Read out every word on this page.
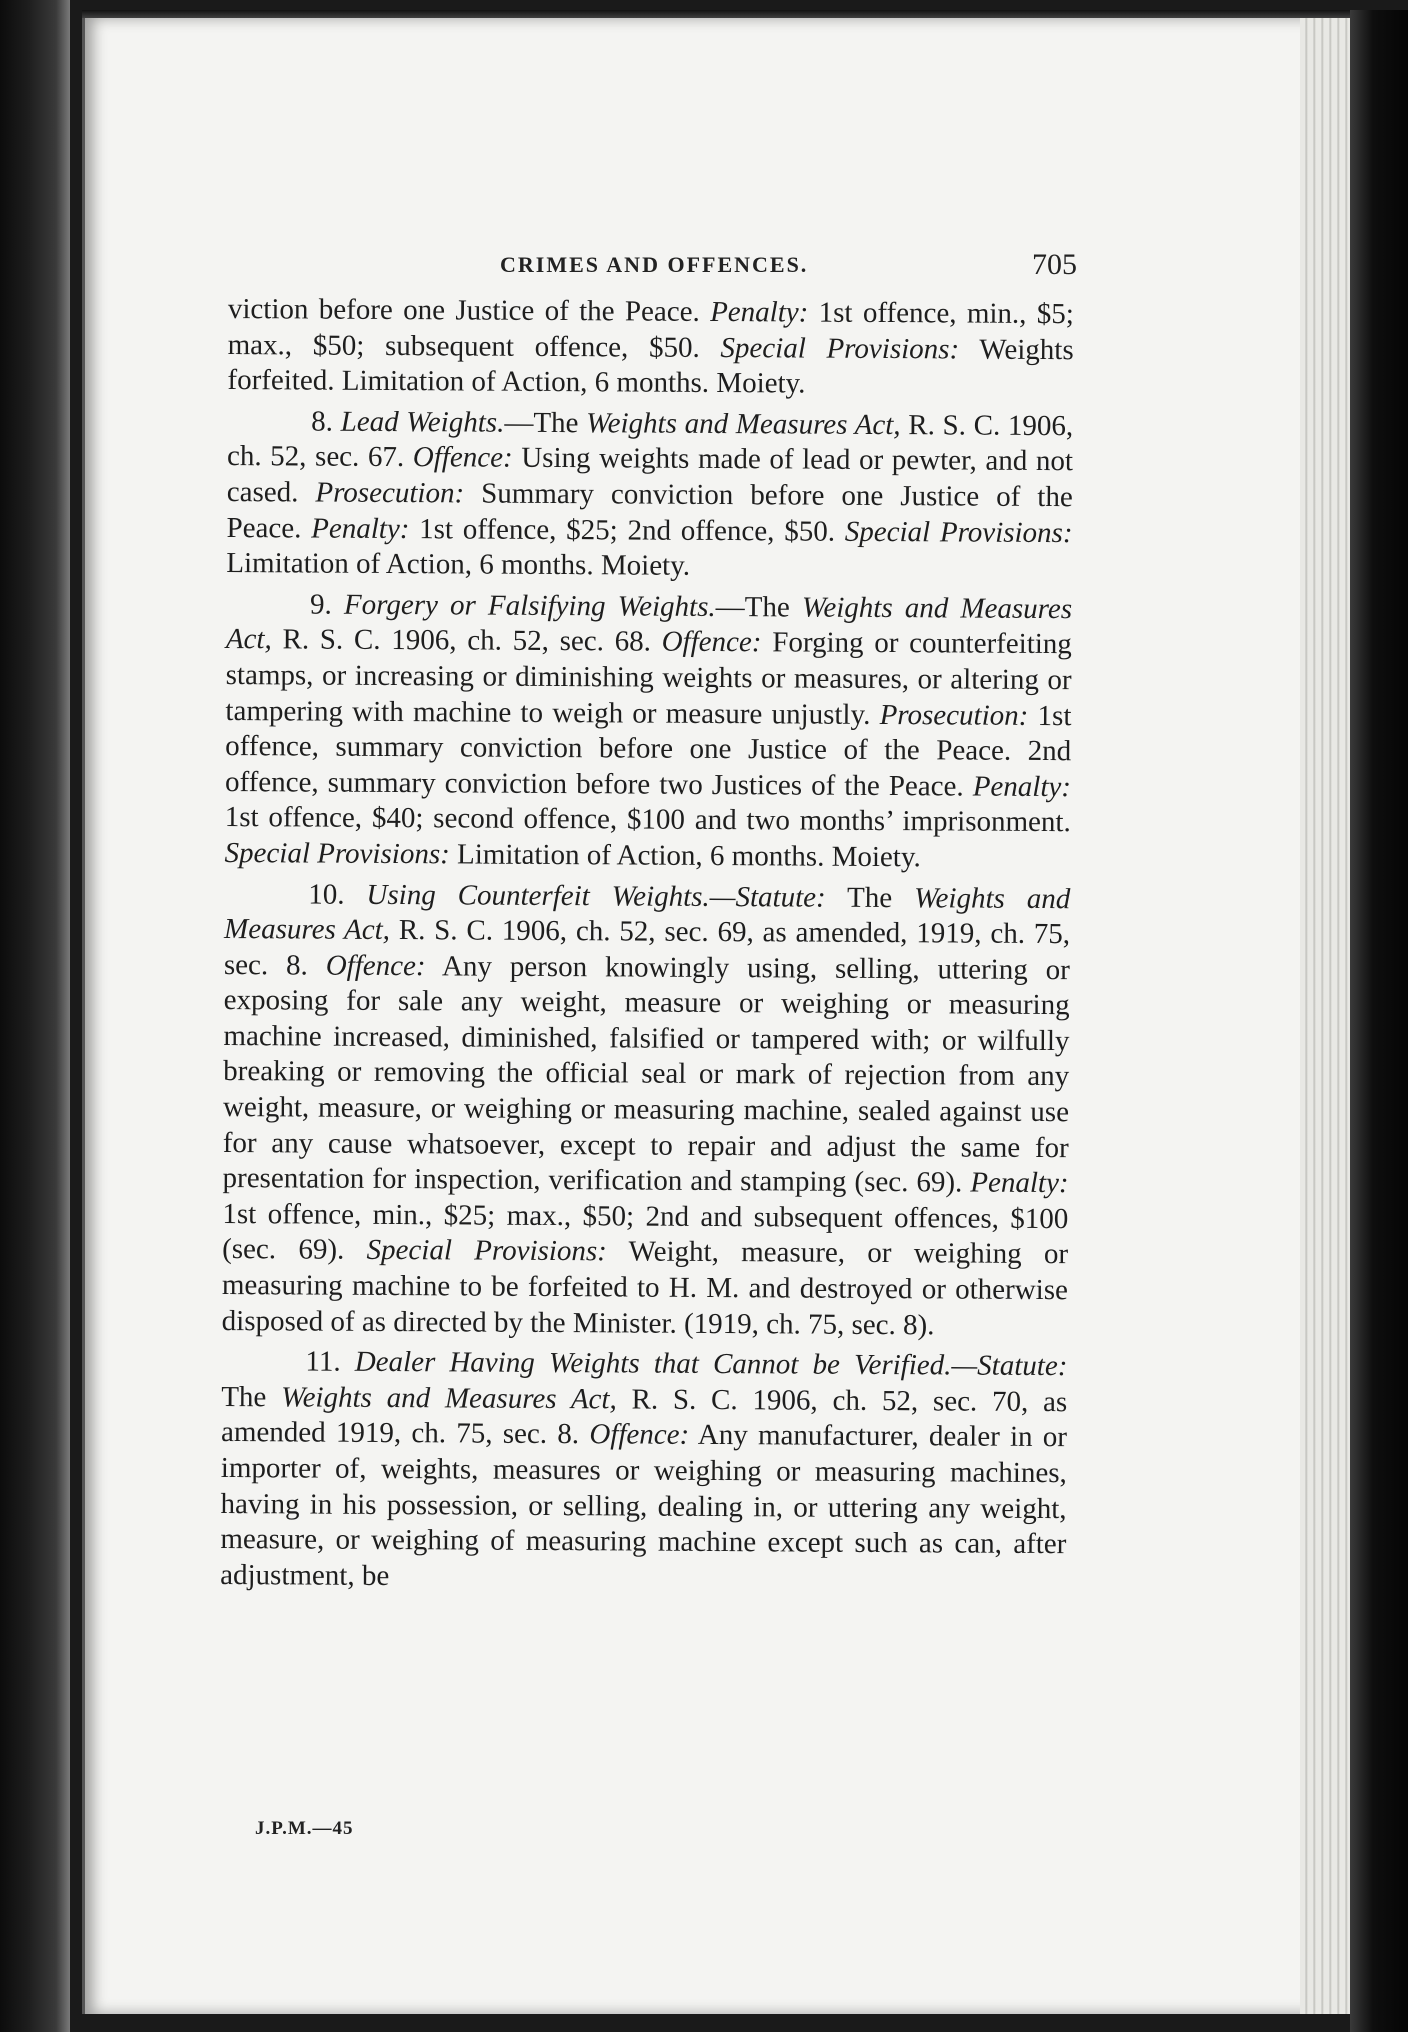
CRIMES AND OFFENCES.	705

viction before one Justice of the Peace. Penalty: 1st offence, min., $5; max., $50; subsequent offence, $50. Special Provisions: Weights forfeited. Limitation of Action, 6 months. Moiety.

8. Lead Weights.—The Weights and Measures Act, R. S. C. 1906, ch. 52, sec. 67. Offence: Using weights made of lead or pewter, and not cased. Prosecution: Summary conviction before one Justice of the Peace. Penalty: 1st offence, $25; 2nd offence, $50. Special Provisions: Limitation of Action, 6 months. Moiety.

9. Forgery or Falsifying Weights.—The Weights and Measures Act, R. S. C. 1906, ch. 52, sec. 68. Offence: Forging or counterfeiting stamps, or increasing or diminishing weights or measures, or altering or tampering with machine to weigh or measure unjustly. Prosecution: 1st offence, summary conviction before one Justice of the Peace. 2nd offence, summary conviction before two Justices of the Peace. Penalty: 1st offence, $40; second offence, $100 and two months’ imprisonment. Special Provisions: Limitation of Action, 6 months. Moiety.

10. Using Counterfeit Weights.—Statute: The Weights and Measures Act, R. S. C. 1906, ch. 52, sec. 69, as amended, 1919, ch. 75, sec. 8. Offence: Any person knowingly using, selling, uttering or exposing for sale any weight, measure or weighing or measuring machine increased, diminished, falsified or tampered with; or wilfully breaking or removing the official seal or mark of rejection from any weight, measure, or weighing or measuring machine, sealed against use for any cause whatsoever, except to repair and adjust the same for presentation for inspection, verification and stamping (sec. 69). Penalty: 1st offence, min., $25; max., $50; 2nd and subsequent offences, $100 (sec. 69). Special Provisions: Weight, measure, or weighing or measuring machine to be forfeited to H. M. and destroyed or otherwise disposed of as directed by the Minister. (1919, ch. 75, sec. 8).

11. Dealer Having Weights that Cannot be Verified.—Statute: The Weights and Measures Act, R. S. C. 1906, ch. 52, sec. 70, as amended 1919, ch. 75, sec. 8. Offence: Any manufacturer, dealer in or importer of, weights, measures or weighing or measuring machines, having in his possession, or selling, dealing in, or uttering any weight, measure, or weighing of measuring machine except such as can, after adjustment, be

J.P.M.—45
